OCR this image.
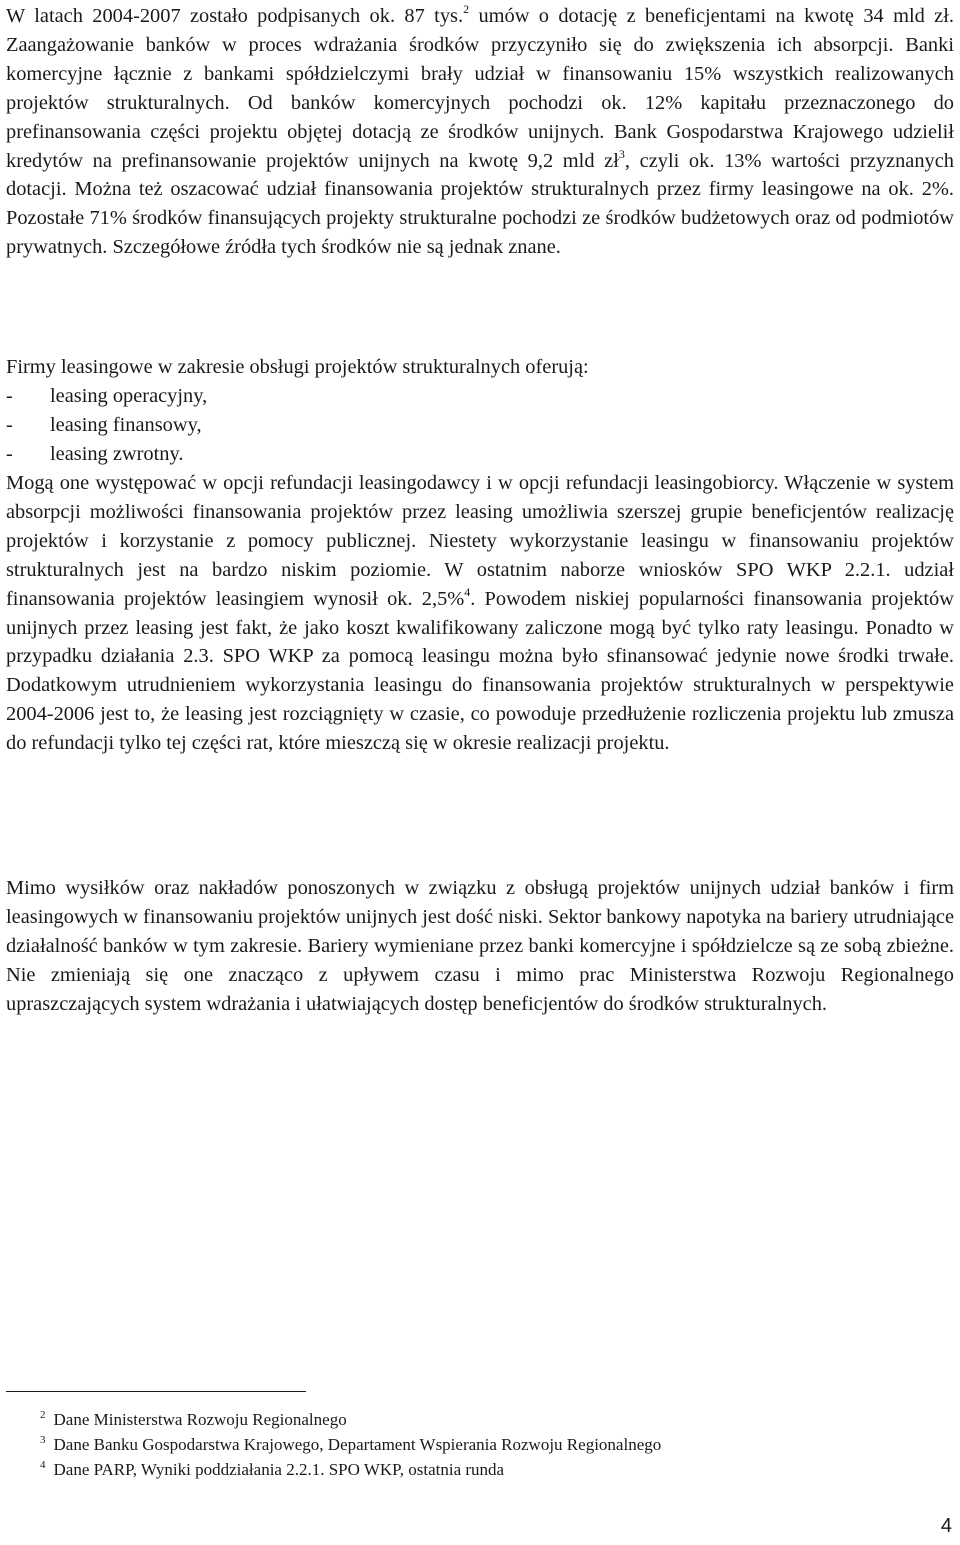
W latach 2004-2007 zostało podpisanych ok. 87 tys.$^2$ umów o dotację z beneficjentami na kwotę 34 mld zł. Zaangażowanie banków w proces wdrażania środków przyczyniło się do zwiększenia ich absorpcji. Banki komercyjne łącznie z bankami spółdzielczymi brały udział w finansowaniu 15% wszystkich realizowanych projektów strukturalnych. Od banków komercyjnych pochodzi ok. 12% kapitału przeznaczonego do prefinansowania części projektu objętej dotacją ze środków unijnych. Bank Gospodarstwa Krajowego udzielił kredytów na prefinansowanie projektów unijnych na kwotę 9,2 mld $zł^3$, czyli ok. 13% wartości przyznanych dotacji. Można też oszacować udział finansowania projektów strukturalnych przez firmy leasingowe na ok. 2%. Pozostałe 71% środków finansujących projekty strukturalne pochodzi ze środków budżetowych oraz od podmiotów prywatnych. Szczegółowe źródła tych środków nie są jednak znane.

Firmy leasingowe w zakresie obsługi projektów strukturalnych oferują:

- leasing operacyjny,
- leasing finansowy,
- leasing zwrotny.

Mogą one występować w opcji refundacji leasingodawcy i w opcji refundacji leasingobiorcy. Włączenie w system absorpcji możliwości finansowania projektów przez leasing umożliwia szerszej grupie beneficjentów realizację projektów i korzystanie z pomocy publicznej. Niestety wykorzystanie leasingu w finansowaniu projektów strukturalnych jest na bardzo niskim poziomie. W ostatnim naborze wniosków SPO WKP 2.2.1. udział finansowania projektów leasingiem wynosił ok. 2,5%$^4$. Powodem niskiej popularności finansowania projektów unijnych przez leasing jest fakt, że jako koszt kwalifikowany zaliczone mogą być tylko raty leasingu. Ponadto w przypadku działania 2.3. SPO WKP za pomocą leasingu można było sfinansować jedynie nowe środki trwałe. Dodatkowym utrudnieniem wykorzystania leasingu do finansowania projektów strukturalnych w perspektywie 2004-2006 jest to, że leasing jest rozciągnięty w czasie, co powoduje przedłużenie rozliczenia projektu lub zmusza do refundacji tylko tej części rat, które mieszczą się w okresie realizacji projektu.

Mimo wysiłków oraz nakładów ponoszonych w związku z obsługą projektów unijnych udział banków i firm leasingowych w finansowaniu projektów unijnych jest dość niski. Sektor bankowy napotyka na bariery utrudniające działalność banków w tym zakresie. Bariery wymieniane przez banki komercyjne i spółdzielcze są ze sobą zbieżne. Nie zmieniają się one znacząco z upływem czasu i mimo prac Ministerstwa Rozwoju Regionalnego upraszczających system wdrażania i ułatwiających dostęp beneficjentów do środków strukturalnych.

$^2$ Dane Ministerstwa Rozwoju Regionalnego
$^3$ Dane Banku Gospodarstwa Krajowego, Departament Wspierania Rozwoju Regionalnego
$^4$ Dane PARP, Wyniki poddziałania 2.2.1. SPO WKP, ostatnia runda
4
